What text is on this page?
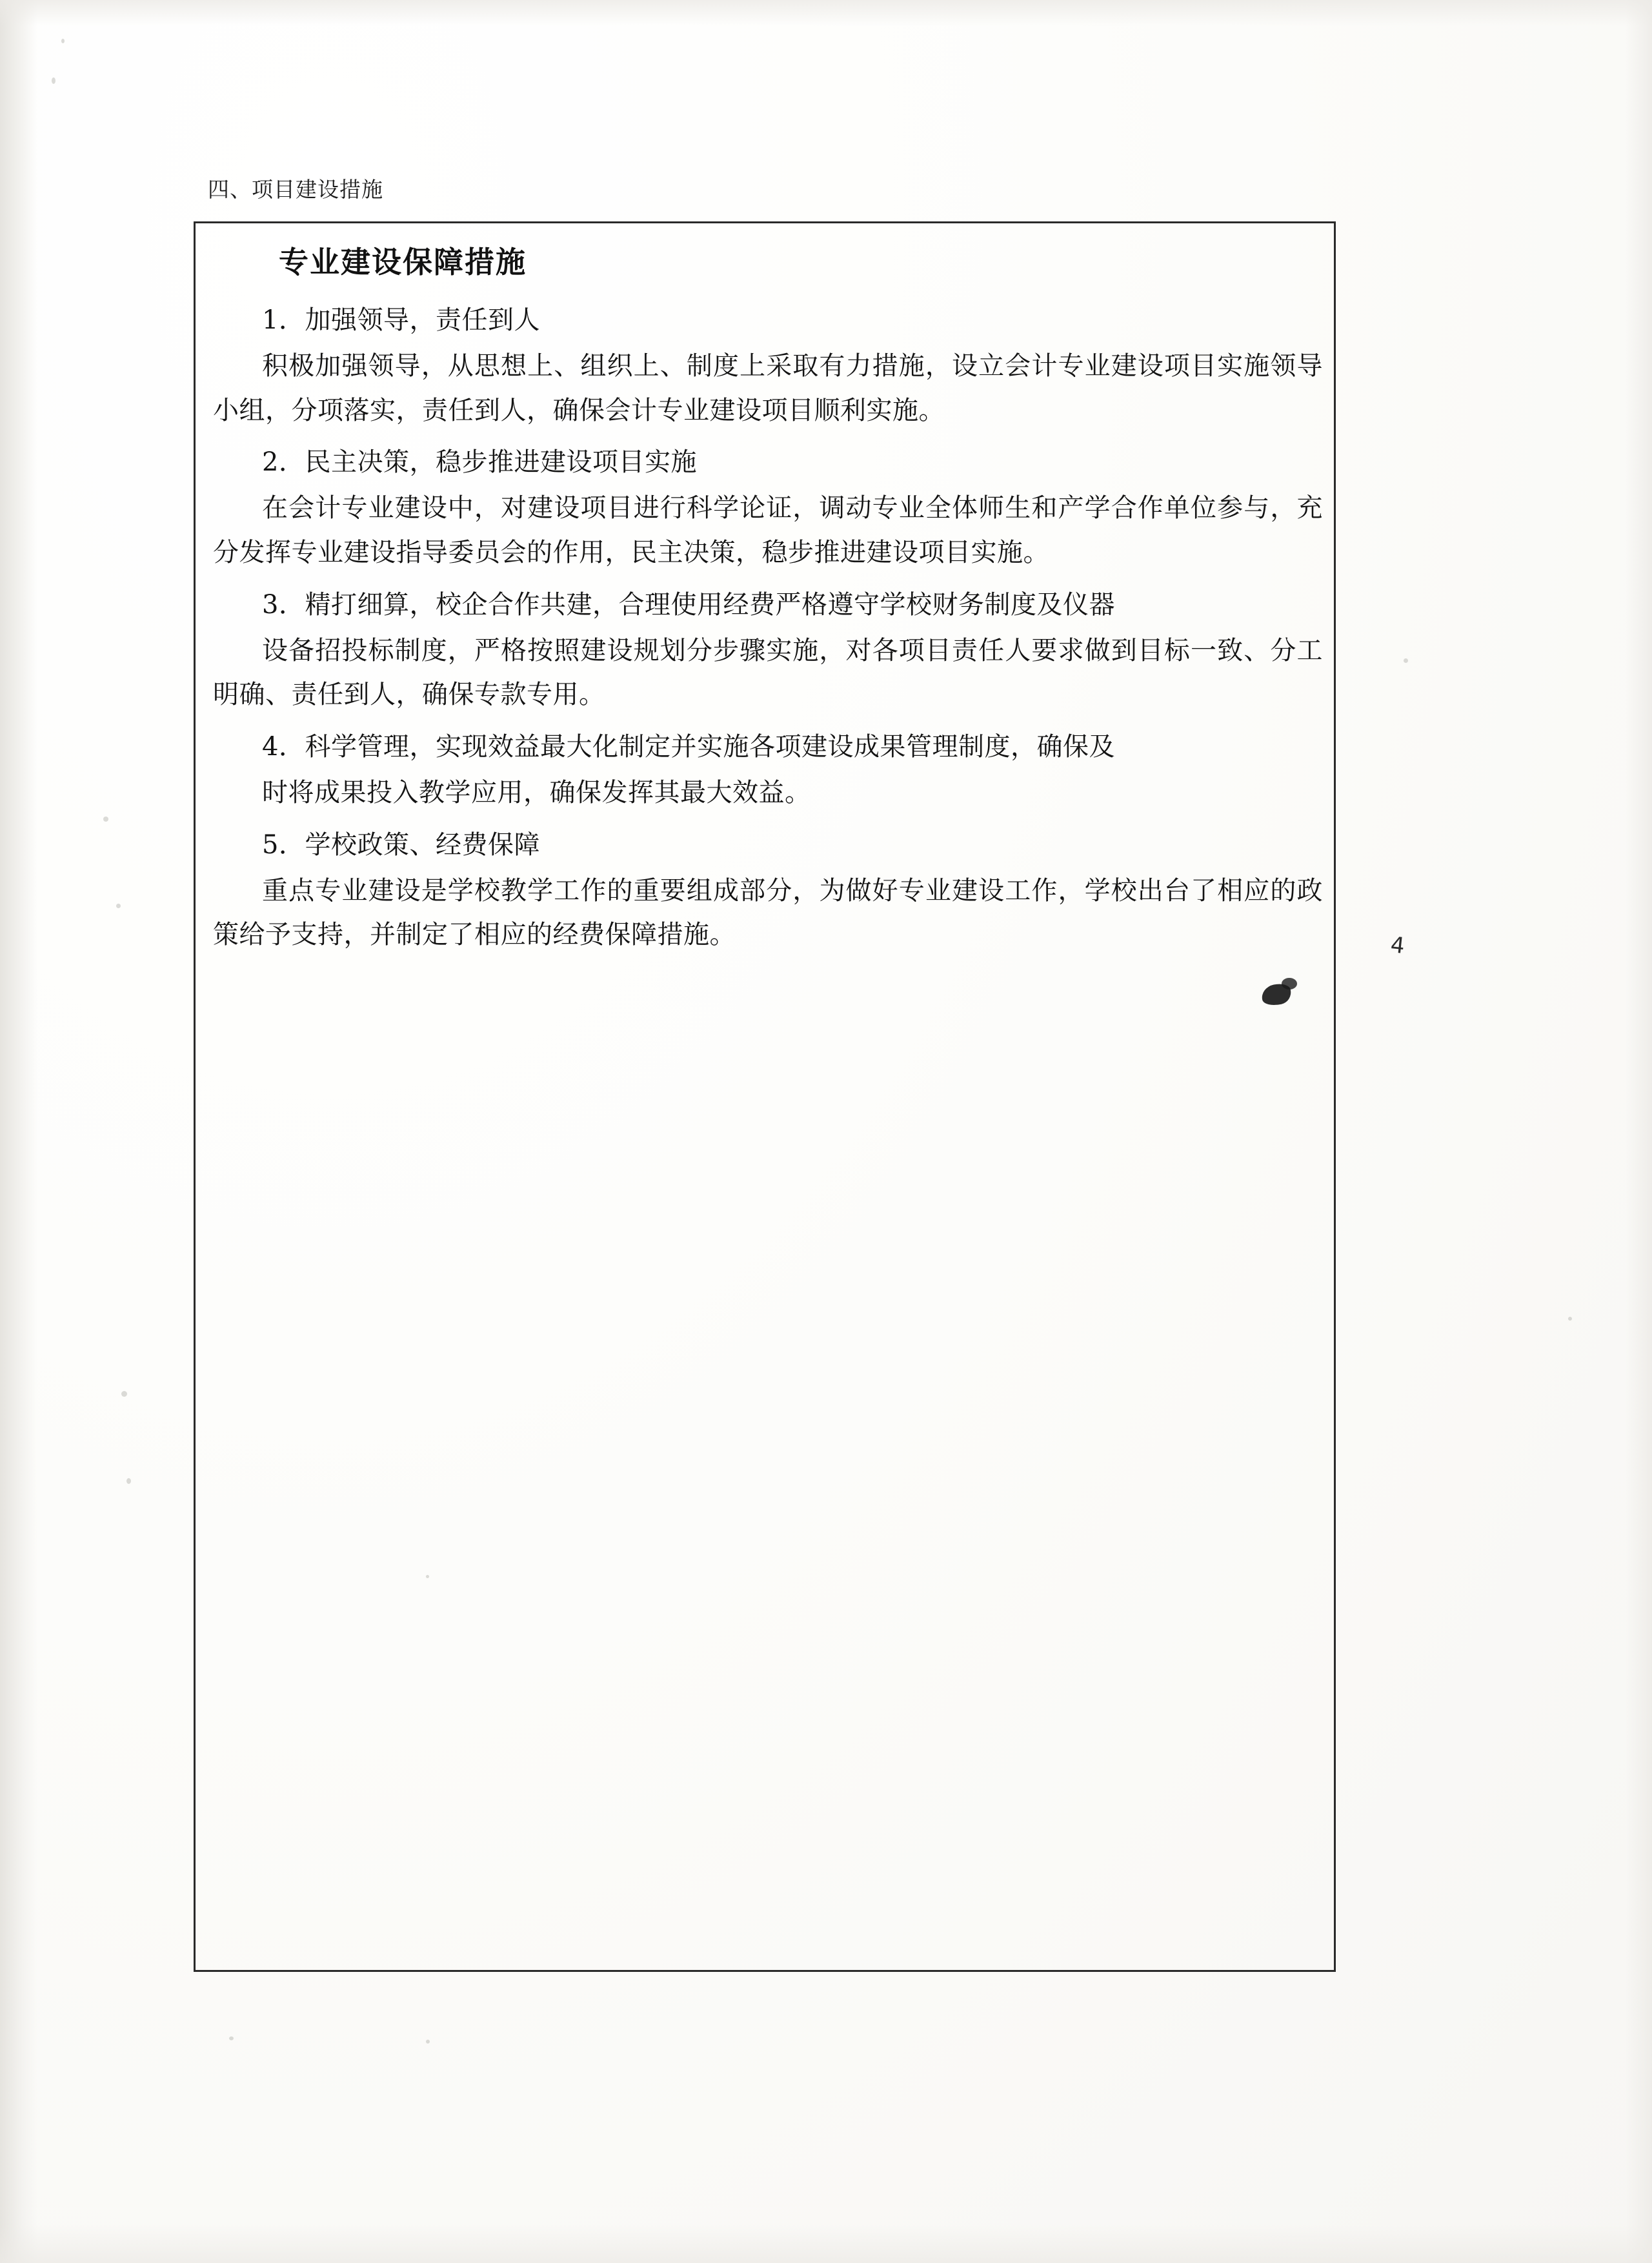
四、项目建设措施
专业建设保障措施

1．加强领导，责任到人

积极加强领导，从思想上、组织上、制度上采取有力措施，设立会计专业建设项目实施领导小组，分项落实，责任到人，确保会计专业建设项目顺利实施。

2．民主决策，稳步推进建设项目实施

在会计专业建设中，对建设项目进行科学论证，调动专业全体师生和产学合作单位参与，充分发挥专业建设指导委员会的作用，民主决策，稳步推进建设项目实施。

3．精打细算，校企合作共建，合理使用经费严格遵守学校财务制度及仪器

设备招投标制度，严格按照建设规划分步骤实施，对各项目责任人要求做到目标一致、分工明确、责任到人，确保专款专用。

4．科学管理，实现效益最大化制定并实施各项建设成果管理制度，确保及

时将成果投入教学应用，确保发挥其最大效益。

5．学校政策、经费保障

重点专业建设是学校教学工作的重要组成部分，为做好专业建设工作，学校出台了相应的政策给予支持，并制定了相应的经费保障措施。	4
